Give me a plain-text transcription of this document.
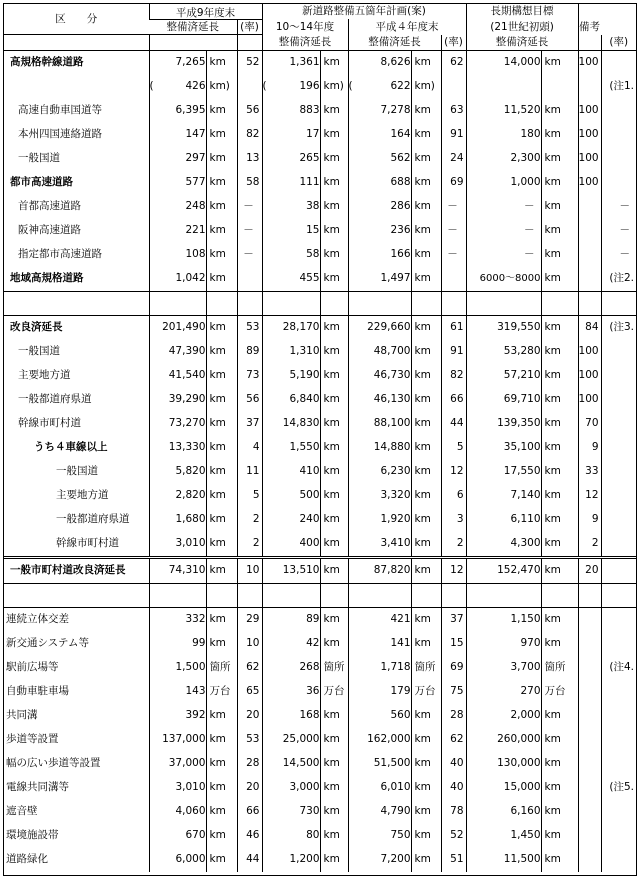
区　　分	平成9年度末			新道路整備五箇年計画(案)					長期構想目標		備考	
	整備済延長		(率)	10～14年度		平成４年度末			(21世紀初頭)			
				整備済延長		整備済延長		(率)	整備済延長			(率)
高規格幹線道路	7,265	km	52	1,361	km	8,626	km	62	14,000	km	100	

	( 426	km)		( 196	km)	( 622	km)					(注1.
高速自動車国道等	6,395	km	56	883	km	7,278	km	63	11,520	km	100	
本州四国連絡道路	147	km	82	17	km	164	km	91	180	km	100	
一般国道	297	km	13	265	km	562	km	24	2,300	km	100	
都市高速道路	577	km	58	111	km	688	km	69	1,000	km	100	
首都高速道路	248	km	－	38	km	286	km	－	－	km		－
阪神高速道路	221	km	－	15	km	236	km	－	－	km		－
指定都市高速道路	108	km	－	58	km	166	km	－	－	km		－
地域高規格道路	1,042	km		455	km	1,497	km		6000～8000	km		(注2.

改良済延長	201,490	km	53	28,170	km	229,660	km	61	319,550	km	84	(注3.
一般国道	47,390	km	89	1,310	km	48,700	km	91	53,280	km	100	
主要地方道	41,540	km	73	5,190	km	46,730	km	82	57,210	km	100	
一般都道府県道	39,290	km	56	6,840	km	46,130	km	66	69,710	km	100	
幹線市町村道	73,270	km	37	14,830	km	88,100	km	44	139,350	km	70	
うち４車線以上	13,330	km	4	1,550	km	14,880	km	5	35,100	km	9	
一般国道	5,820	km	11	410	km	6,230	km	12	17,550	km	33	
主要地方道	2,820	km	5	500	km	3,320	km	6	7,140	km	12	
一般都道府県道	1,680	km	2	240	km	1,920	km	3	6,110	km	9	
幹線市町村道	3,010	km	2	400	km	3,410	km	2	4,300	km	2	
一般市町村道改良済延長	74,310	km	10	13,510	km	87,820	km	12	152,470	km	20	

連続立体交差	332	km	29	89	km	421	km	37	1,150	km		
新交通システム等	99	km	10	42	km	141	km	15	970	km		
駅前広場等	1,500	箇所	62	268	箇所	1,718	箇所	69	3,700	箇所		(注4.
自動車駐車場	143	万台	65	36	万台	179	万台	75	270	万台		
共同溝	392	km	20	168	km	560	km	28	2,000	km		
歩道等設置	137,000	km	53	25,000	km	162,000	km	62	260,000	km		
幅の広い歩道等設置	37,000	km	28	14,500	km	51,500	km	40	130,000	km		
電線共同溝等	3,010	km	20	3,000	km	6,010	km	40	15,000	km		(注5.
遮音壁	4,060	km	66	730	km	4,790	km	78	6,160	km		
環境施設帯	670	km	46	80	km	750	km	52	1,450	km		
道路緑化	6,000	km	44	1,200	km	7,200	km	51	11,500	km		
